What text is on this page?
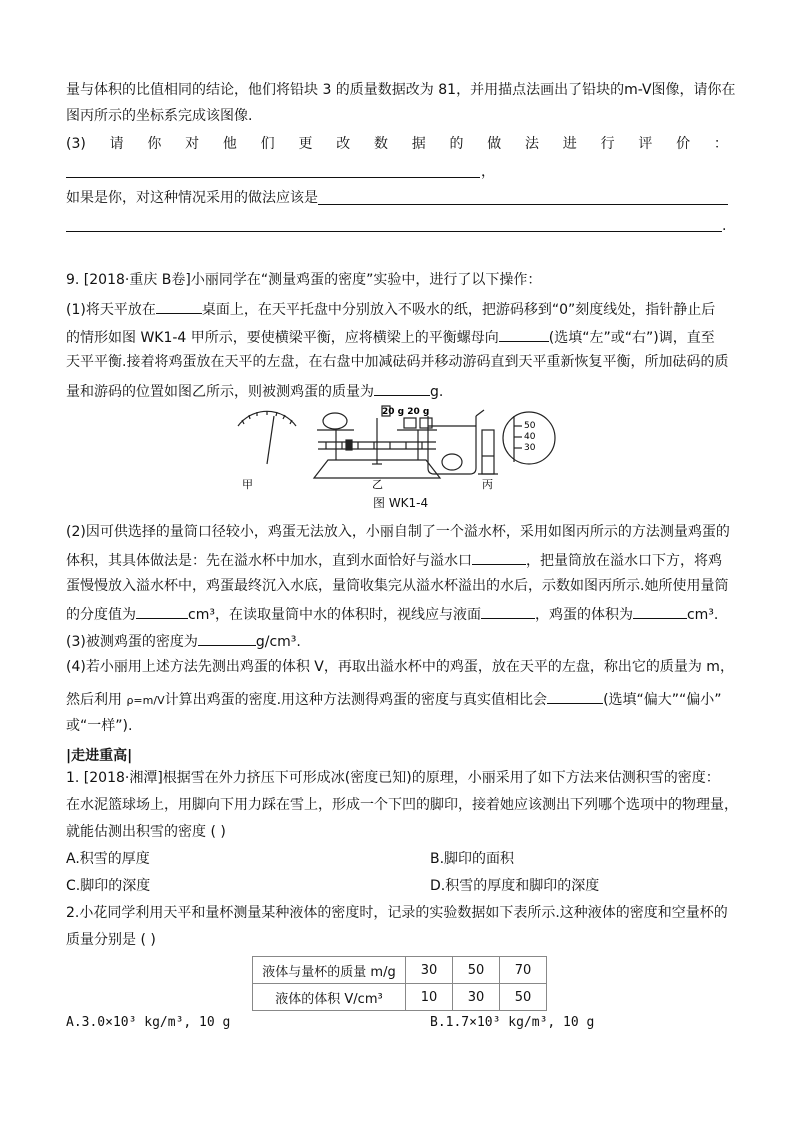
量与体积的比值相同的结论，他们将铅块 3 的质量数据改为 81，并用描点法画出了铅块的m-V图像，请你在
图丙所示的坐标系完成该图像.
(3) 请 你 对 他 们 更 改 数 据 的 做 法 进 行 评 价 ：
，
如果是你，对这种情况采用的做法应该是
.
9. [2018·重庆 B卷]小丽同学在“测量鸡蛋的密度”实验中，进行了以下操作：
(1)将天平放在	桌面上，在天平托盘中分别放入不吸水的纸，把游码移到“0”刻度线处，指针静止后
的情形如图 WK1-4 甲所示，要使横梁平衡，应将横梁上的平衡螺母向	(选填“左”或“右”)调，直至
天平平衡.接着将鸡蛋放在天平的左盘，在右盘中加减砝码并移动游码直到天平重新恢复平衡，所加砝码的质
量和游码的位置如图乙所示，则被测鸡蛋的质量为	g.
50
40
30
20 g 20 g
甲	乙	丙
图 WK1-4
(2)因可供选择的量筒口径较小，鸡蛋无法放入，小丽自制了一个溢水杯，采用如图丙所示的方法测量鸡蛋的
体积，其具体做法是：先在溢水杯中加水，直到水面恰好与溢水口	，把量筒放在溢水口下方，将鸡
蛋慢慢放入溢水杯中，鸡蛋最终沉入水底，量筒收集完从溢水杯溢出的水后，示数如图丙所示.她所使用量筒
的分度值为	cm³，在读取量筒中水的体积时，视线应与液面	，鸡蛋的体积为	cm³.
(3)被测鸡蛋的密度为	g/cm³.
(4)若小丽用上述方法先测出鸡蛋的体积 V，再取出溢水杯中的鸡蛋，放在天平的左盘，称出它的质量为 m，
然后利用 ρ=m/V计算出鸡蛋的密度.用这种方法测得鸡蛋的密度与真实值相比会	(选填“偏大”“偏小”
或“一样”).
|走进重高|
1. [2018·湘潭]根据雪在外力挤压下可形成冰(密度已知)的原理，小丽采用了如下方法来估测积雪的密度：
在水泥篮球场上，用脚向下用力踩在雪上，形成一个下凹的脚印，接着她应该测出下列哪个选项中的物理量，
就能估测出积雪的密度 ( )
A.积雪的厚度	B.脚印的面积
C.脚印的深度	D.积雪的厚度和脚印的深度
2.小花同学利用天平和量杯测量某种液体的密度时，记录的实验数据如下表所示.这种液体的密度和空量杯的
质量分别是 ( )
液体与量杯的质量 m/g	30	50	70
液体的体积 V/cm³	10	30	50
A.3.0×10³ kg/m³, 10 g	B.1.7×10³ kg/m³, 10 g
